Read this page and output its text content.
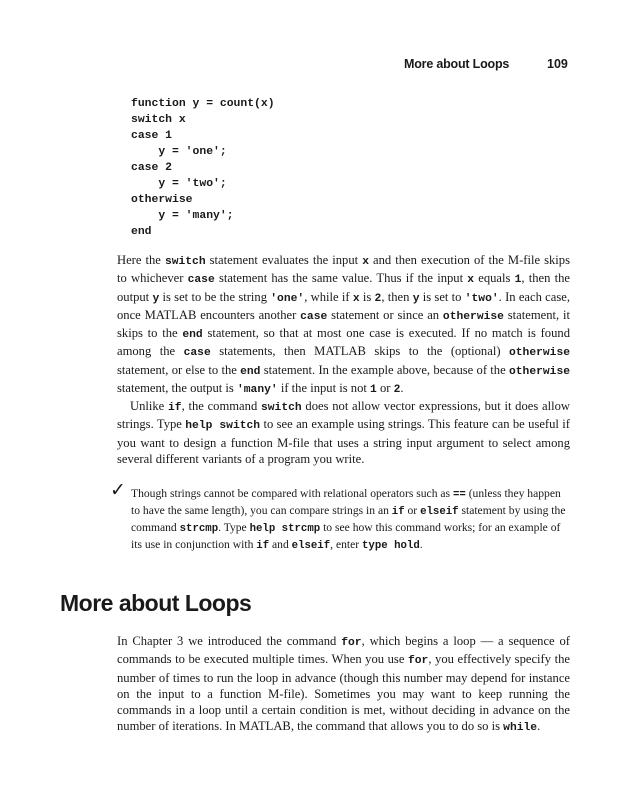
More about Loops	109
function y = count(x)
switch x
case 1
y = 'one';
case 2
y = 'two';
otherwise
y = 'many';
end

Here the switch statement evaluates the input x and then execution of the M-file skips to whichever case statement has the same value. Thus if the input x equals 1, then the output y is set to be the string 'one', while if x is 2, then y is set to 'two'. In each case, once MATLAB encounters another case statement or since an otherwise statement, it skips to the end statement, so that at most one case is executed. If no match is found among the case statements, then MATLAB skips to the (optional) otherwise statement, or else to the end statement. In the example above, because of the otherwise statement, the output is 'many' if the input is not 1 or 2.

Unlike if, the command switch does not allow vector expressions, but it does allow strings. Type help switch to see an example using strings. This feature can be useful if you want to design a function M-file that uses a string input argument to select among several different variants of a program you write.

✓ Though strings cannot be compared with relational operators such as == (unless they happen to have the same length), you can compare strings in an if or elseif statement by using the command strcmp. Type help strcmp to see how this command works; for an example of its use in conjunction with if and elseif, enter type hold.

More about Loops

In Chapter 3 we introduced the command for, which begins a loop — a sequence of commands to be executed multiple times. When you use for, you effectively specify the number of times to run the loop in advance (though this number may depend for instance on the input to a function M-file). Sometimes you may want to keep running the commands in a loop until a certain condition is met, without deciding in advance on the number of iterations. In MATLAB, the command that allows you to do so is while.
